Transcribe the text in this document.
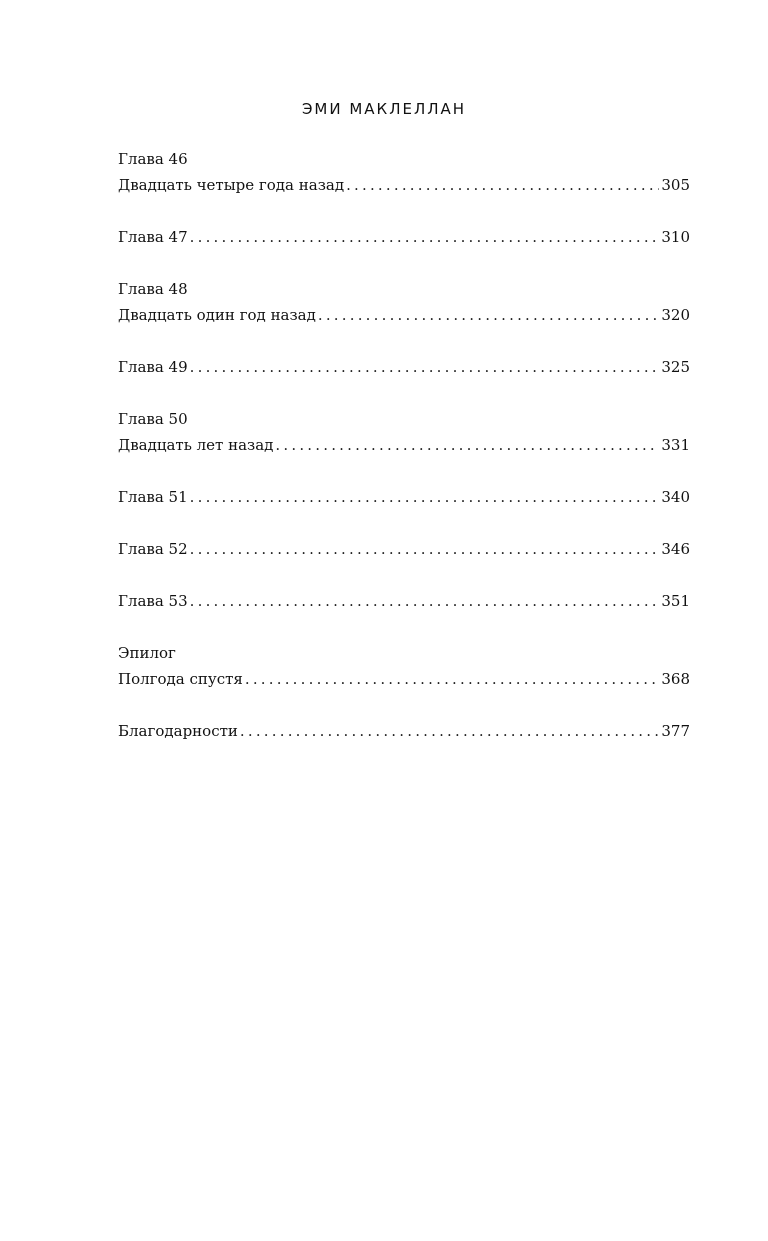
ЭМИ МАКЛЕЛЛАН
Глава 46
Двадцать четыре года назад .....	305
Глава 47 .....	310
Глава 48
Двадцать один год назад .....	320
Глава 49 .....	325
Глава 50
Двадцать лет назад .....	331
Глава 51 .....	340
Глава 52 .....	346
Глава 53 .....	351
Эпилог
Полгода спустя .....	368
Благодарности .....	377
